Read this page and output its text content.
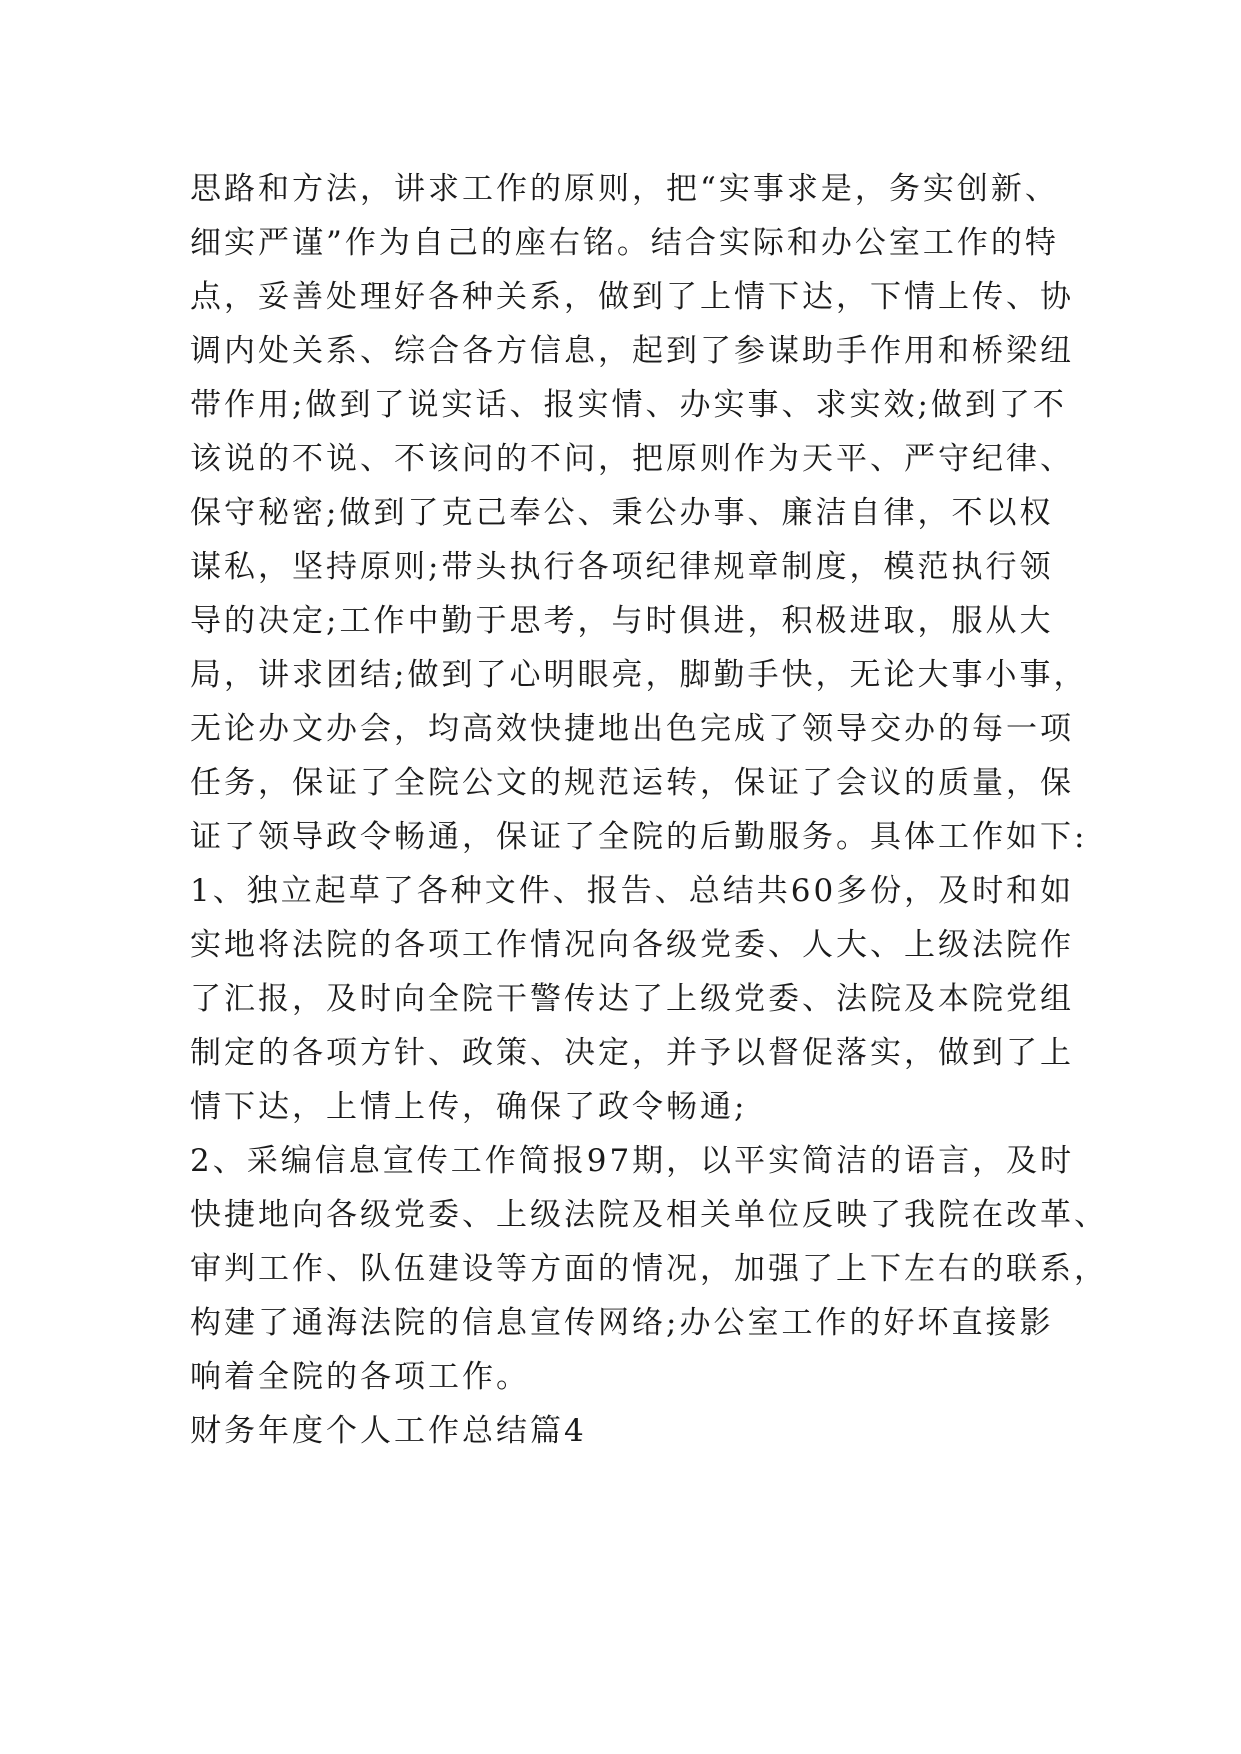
思路和方法，讲求工作的原则，把“实事求是，务实创新、
细实严谨”作为自己的座右铭。结合实际和办公室工作的特
点，妥善处理好各种关系，做到了上情下达，下情上传、协
调内处关系、综合各方信息，起到了参谋助手作用和桥梁纽
带作用;做到了说实话、报实情、办实事、求实效;做到了不
该说的不说、不该问的不问，把原则作为天平、严守纪律、
保守秘密;做到了克己奉公、秉公办事、廉洁自律，不以权
谋私，坚持原则;带头执行各项纪律规章制度，模范执行领
导的决定;工作中勤于思考，与时俱进，积极进取，服从大
局，讲求团结;做到了心明眼亮，脚勤手快，无论大事小事，
无论办文办会，均高效快捷地出色完成了领导交办的每一项
任务，保证了全院公文的规范运转，保证了会议的质量，保
证了领导政令畅通，保证了全院的后勤服务。具体工作如下:
1、独立起草了各种文件、报告、总结共60多份，及时和如
实地将法院的各项工作情况向各级党委、人大、上级法院作
了汇报，及时向全院干警传达了上级党委、法院及本院党组
制定的各项方针、政策、决定，并予以督促落实，做到了上
情下达，上情上传，确保了政令畅通;
2、采编信息宣传工作简报97期，以平实简洁的语言，及时
快捷地向各级党委、上级法院及相关单位反映了我院在改革、
审判工作、队伍建设等方面的情况，加强了上下左右的联系，
构建了通海法院的信息宣传网络;办公室工作的好坏直接影
响着全院的各项工作。
财务年度个人工作总结篇4
